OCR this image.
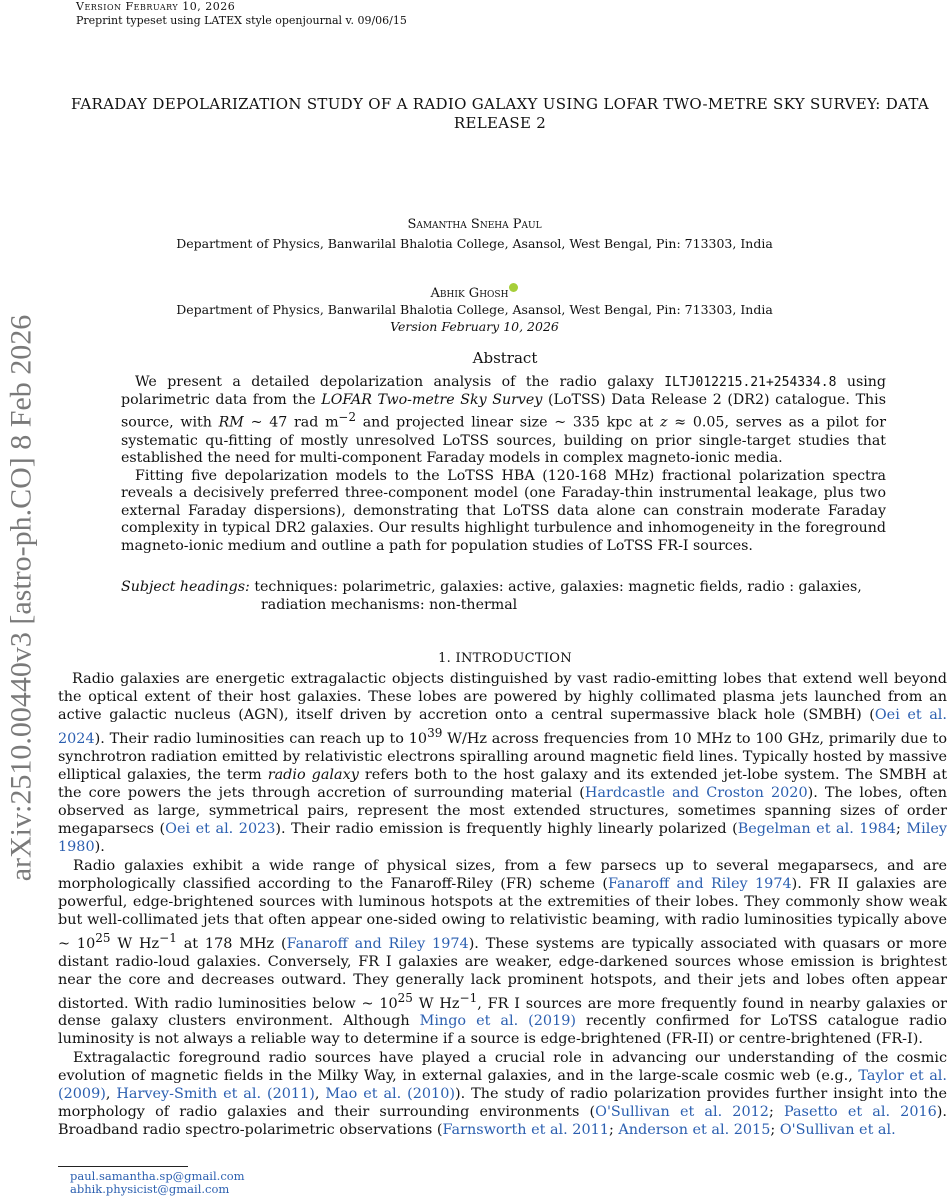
Version February 10, 2026
Preprint typeset using LATEX style openjournal v. 09/06/15
arXiv:2510.00440v3 [astro-ph.CO] 8 Feb 2026
FARADAY DEPOLARIZATION STUDY OF A RADIO GALAXY USING LOFAR TWO-METRE SKY SURVEY: DATA RELEASE 2
Samantha Sneha Paul
Department of Physics, Banwarilal Bhalotia College, Asansol, West Bengal, Pin: 713303, India
Abhik Ghosh
Department of Physics, Banwarilal Bhalotia College, Asansol, West Bengal, Pin: 713303, India
Version February 10, 2026
Abstract

We present a detailed depolarization analysis of the radio galaxy ILTJ012215.21+254334.8 using polarimetric data from the LOFAR Two-metre Sky Survey (LoTSS) Data Release 2 (DR2) catalogue. This source, with RM ~ 47 rad $m^{-2}$ and projected linear size ~ 335 kpc at z ≈ 0.05, serves as a pilot for systematic qu-fitting of mostly unresolved LoTSS sources, building on prior single-target studies that established the need for multi-component Faraday models in complex magneto-ionic media.

Fitting five depolarization models to the LoTSS HBA (120-168 MHz) fractional polarization spectra reveals a decisively preferred three-component model (one Faraday-thin instrumental leakage, plus two external Faraday dispersions), demonstrating that LoTSS data alone can constrain moderate Faraday complexity in typical DR2 galaxies. Our results highlight turbulence and inhomogeneity in the foreground magneto-ionic medium and outline a path for population studies of LoTSS FR-I sources.

Subject headings: techniques: polarimetric, galaxies: active, galaxies: magnetic fields, radio : galaxies,
radiation mechanisms: non-thermal
1. INTRODUCTION

Radio galaxies are energetic extragalactic objects distinguished by vast radio-emitting lobes that extend well beyond the optical extent of their host galaxies. These lobes are powered by highly collimated plasma jets launched from an active galactic nucleus (AGN), itself driven by accretion onto a central supermassive black hole (SMBH) (Oei et al. 2024). Their radio luminosities can reach up to $10^{39}$ W/Hz across frequencies from 10 MHz to 100 GHz, primarily due to synchrotron radiation emitted by relativistic electrons spiralling around magnetic field lines. Typically hosted by massive elliptical galaxies, the term radio galaxy refers both to the host galaxy and its extended jet-lobe system. The SMBH at the core powers the jets through accretion of surrounding material (Hardcastle and Croston 2020). The lobes, often observed as large, symmetrical pairs, represent the most extended structures, sometimes spanning sizes of order megaparsecs (Oei et al. 2023). Their radio emission is frequently highly linearly polarized (Begelman et al. 1984; Miley 1980).

Radio galaxies exhibit a wide range of physical sizes, from a few parsecs up to several megaparsecs, and are morphologically classified according to the Fanaroff-Riley (FR) scheme (Fanaroff and Riley 1974). FR II galaxies are powerful, edge-brightened sources with luminous hotspots at the extremities of their lobes. They commonly show weak but well-collimated jets that often appear one-sided owing to relativistic beaming, with radio luminosities typically above ~ $10^{25}$ W $Hz^{-1}$ at 178 MHz (Fanaroff and Riley 1974). These systems are typically associated with quasars or more distant radio-loud galaxies. Conversely, FR I galaxies are weaker, edge-darkened sources whose emission is brightest near the core and decreases outward. They generally lack prominent hotspots, and their jets and lobes often appear distorted. With radio luminosities below ~ $10^{25}$ W $Hz^{-1}$, FR I sources are more frequently found in nearby galaxies or dense galaxy clusters environment. Although Mingo et al. (2019) recently confirmed for LoTSS catalogue radio luminosity is not always a reliable way to determine if a source is edge-brightened (FR-II) or centre-brightened (FR-I).

Extragalactic foreground radio sources have played a crucial role in advancing our understanding of the cosmic evolution of magnetic fields in the Milky Way, in external galaxies, and in the large-scale cosmic web (e.g., Taylor et al. (2009), Harvey-Smith et al. (2011), Mao et al. (2010)). The study of radio polarization provides further insight into the morphology of radio galaxies and their surrounding environments (O'Sullivan et al. 2012; Pasetto et al. 2016). Broadband radio spectro-polarimetric observations (Farnsworth et al. 2011; Anderson et al. 2015; O'Sullivan et al.

paul.samantha.sp@gmail.com
abhik.physicist@gmail.com
